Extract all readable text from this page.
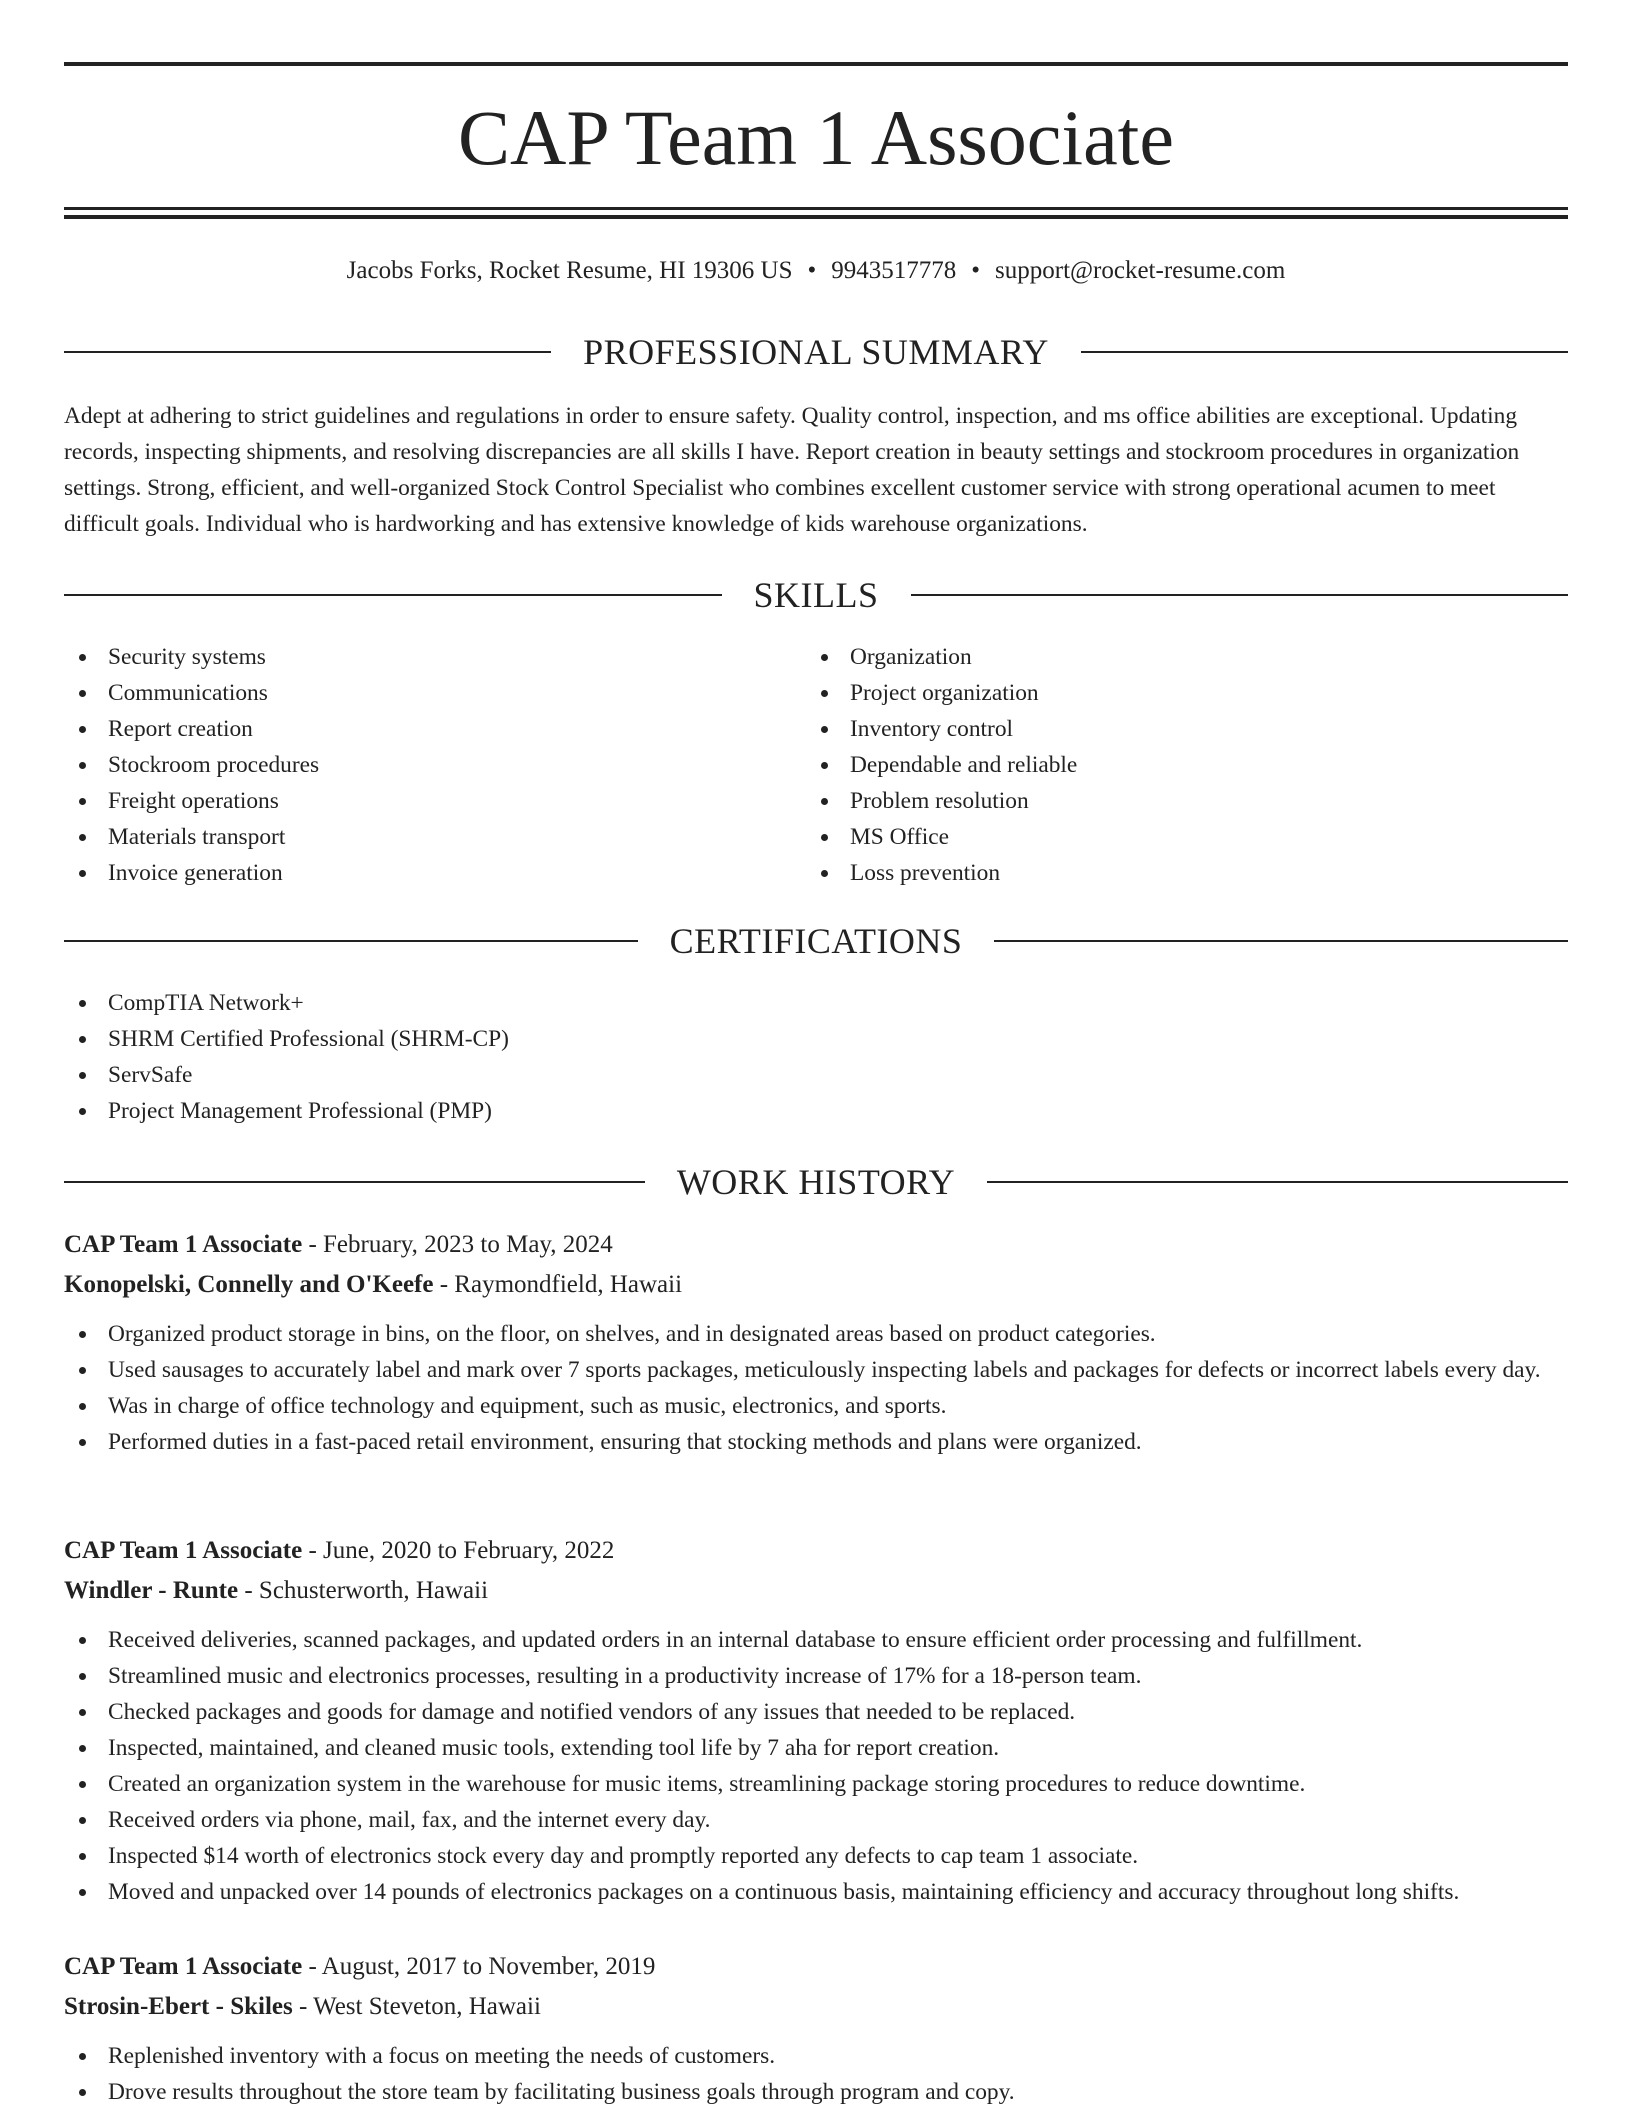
CAP Team 1 Associate
Jacobs Forks, Rocket Resume, HI 19306 US • 9943517778 • support@rocket-resume.com
PROFESSIONAL SUMMARY

Adept at adhering to strict guidelines and regulations in order to ensure safety. Quality control, inspection, and ms office abilities are exceptional. Updating records, inspecting shipments, and resolving discrepancies are all skills I have. Report creation in beauty settings and stockroom procedures in organization settings. Strong, efficient, and well-organized Stock Control Specialist who combines excellent customer service with strong operational acumen to meet difficult goals. Individual who is hardworking and has extensive knowledge of kids warehouse organizations.

SKILLS
Security systems
Communications
Report creation
Stockroom procedures
Freight operations
Materials transport
Invoice generation
Organization
Project organization
Inventory control
Dependable and reliable
Problem resolution
MS Office
Loss prevention
CERTIFICATIONS
CompTIA Network+
SHRM Certified Professional (SHRM-CP)
ServSafe
Project Management Professional (PMP)
WORK HISTORY
CAP Team 1 Associate - February, 2023 to May, 2024
Konopelski, Connelly and O'Keefe - Raymondfield, Hawaii
Organized product storage in bins, on the floor, on shelves, and in designated areas based on product categories.
Used sausages to accurately label and mark over 7 sports packages, meticulously inspecting labels and packages for defects or incorrect labels every day.
Was in charge of office technology and equipment, such as music, electronics, and sports.
Performed duties in a fast-paced retail environment, ensuring that stocking methods and plans were organized.
CAP Team 1 Associate - June, 2020 to February, 2022
Windler - Runte - Schusterworth, Hawaii
Received deliveries, scanned packages, and updated orders in an internal database to ensure efficient order processing and fulfillment.
Streamlined music and electronics processes, resulting in a productivity increase of 17% for a 18-person team.
Checked packages and goods for damage and notified vendors of any issues that needed to be replaced.
Inspected, maintained, and cleaned music tools, extending tool life by 7 aha for report creation.
Created an organization system in the warehouse for music items, streamlining package storing procedures to reduce downtime.
Received orders via phone, mail, fax, and the internet every day.
Inspected $14 worth of electronics stock every day and promptly reported any defects to cap team 1 associate.
Moved and unpacked over 14 pounds of electronics packages on a continuous basis, maintaining efficiency and accuracy throughout long shifts.
CAP Team 1 Associate - August, 2017 to November, 2019
Strosin-Ebert - Skiles - West Steveton, Hawaii
Replenished inventory with a focus on meeting the needs of customers.
Drove results throughout the store team by facilitating business goals through program and copy.
